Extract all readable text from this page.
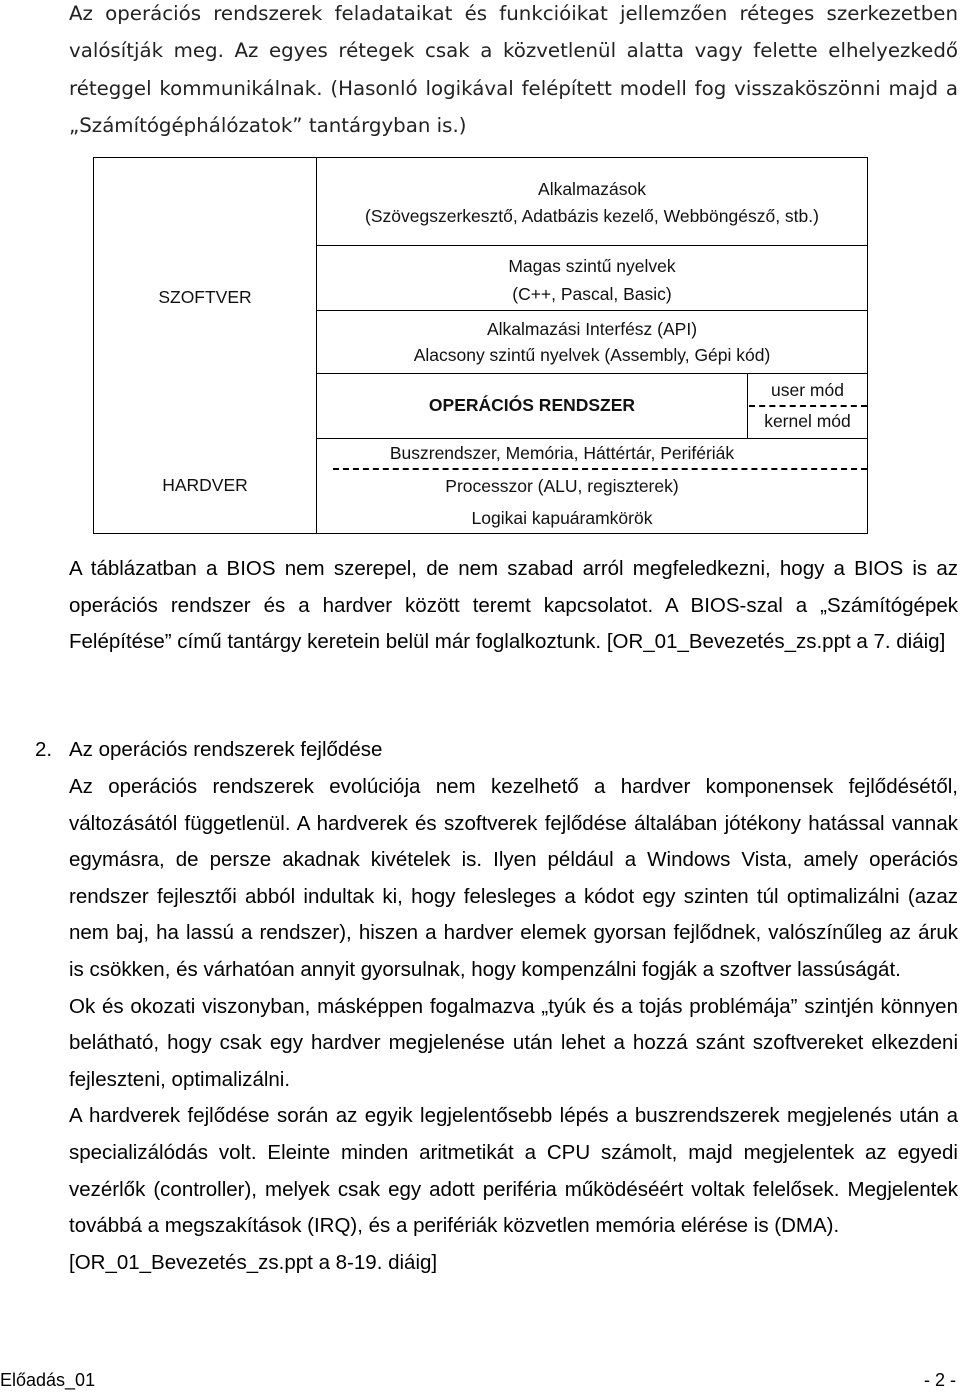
Az operációs rendszerek feladataikat és funkcióikat jellemzően réteges szerkezetben valósítják meg. Az egyes rétegek csak a közvetlenül alatta vagy felette elhelyezkedő réteggel kommunikálnak. (Hasonló logikával felépített modell fog visszaköszönni majd a „Számítógéphálózatok” tantárgyban is.)
SZOFTVER
HARDVER
Alkalmazások
(Szövegszerkesztő, Adatbázis kezelő, Webböngésző, stb.)
Magas szintű nyelvek
(C++, Pascal, Basic)
Alkalmazási Interfész (API)
Alacsony szintű nyelvek (Assembly, Gépi kód)
OPERÁCIÓS RENDSZER
user mód
kernel mód
Buszrendszer, Memória, Háttértár, Perifériák
Processzor (ALU, regiszterek)
Logikai kapuáramkörök
A táblázatban a BIOS nem szerepel, de nem szabad arról megfeledkezni, hogy a BIOS is az operációs rendszer és a hardver között teremt kapcsolatot. A BIOS-szal a „Számítógépek Felépítése” című tantárgy keretein belül már foglalkoztunk. [OR_01_Bevezetés_zs.ppt a 7. diáig]
2. Az operációs rendszerek fejlődése

Az operációs rendszerek evolúciója nem kezelhető a hardver komponensek fejlődésétől, változásától függetlenül. A hardverek és szoftverek fejlődése általában jótékony hatással vannak egymásra, de persze akadnak kivételek is. Ilyen például a Windows Vista, amely operációs rendszer fejlesztői abból indultak ki, hogy felesleges a kódot egy szinten túl optimalizálni (azaz nem baj, ha lassú a rendszer), hiszen a hardver elemek gyorsan fejlődnek, valószínűleg az áruk is csökken, és várhatóan annyit gyorsulnak, hogy kompenzálni fogják a szoftver lassúságát.

Ok és okozati viszonyban, másképpen fogalmazva „tyúk és a tojás problémája” szintjén könnyen belátható, hogy csak egy hardver megjelenése után lehet a hozzá szánt szoftvereket elkezdeni fejleszteni, optimalizálni.

A hardverek fejlődése során az egyik legjelentősebb lépés a buszrendszerek megjelenés után a specializálódás volt. Eleinte minden aritmetikát a CPU számolt, majd megjelentek az egyedi vezérlők (controller), melyek csak egy adott periféria működéséért voltak felelősek. Megjelentek továbbá a megszakítások (IRQ), és a perifériák közvetlen memória elérése is (DMA).

[OR_01_Bevezetés_zs.ppt a 8-19. diáig]

Előadás_01	- 2 -
